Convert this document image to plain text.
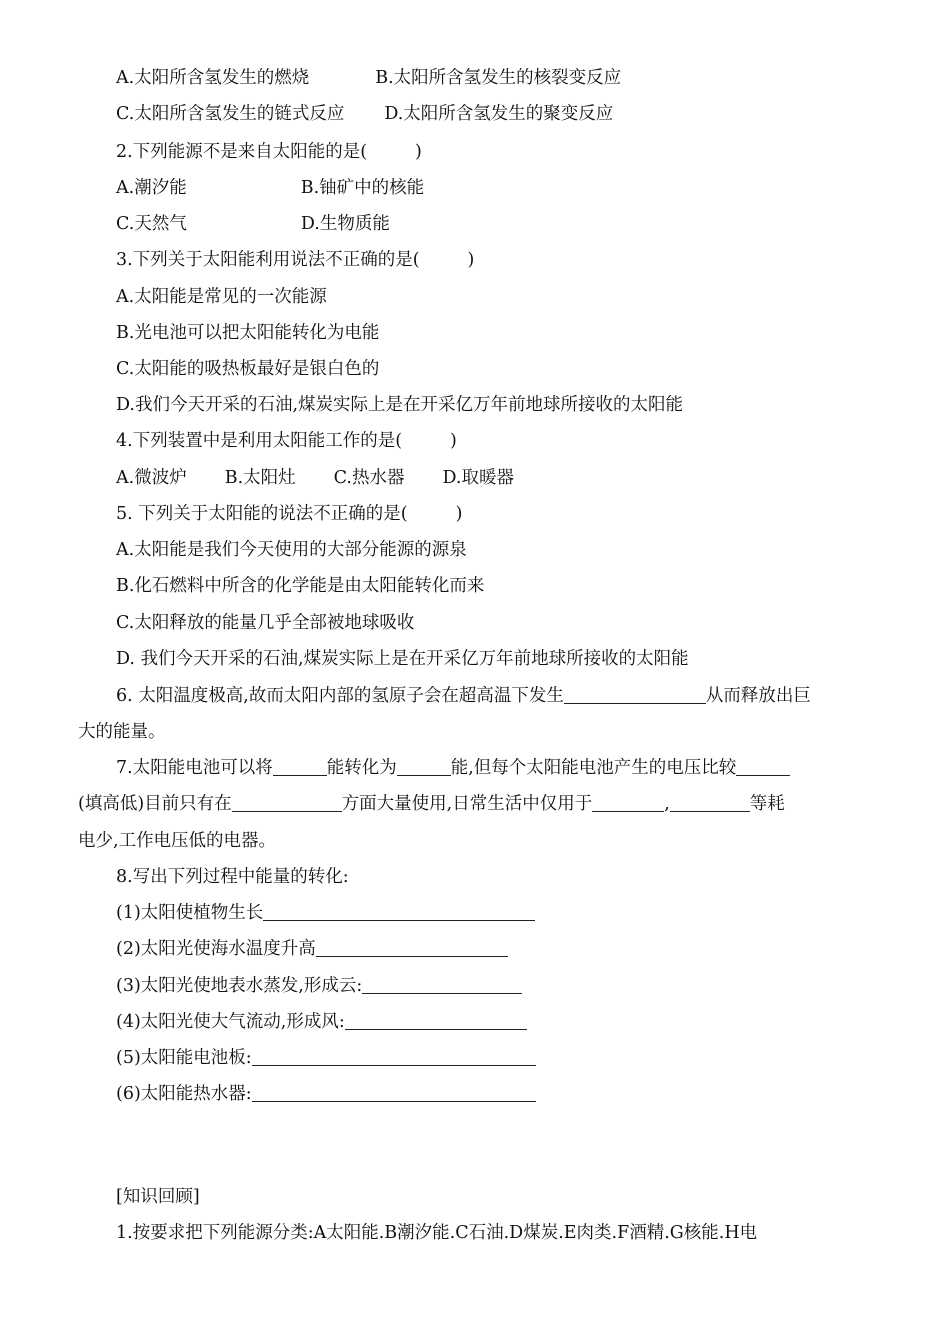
A.太阳所含氢发生的燃烧	B.太阳所含氢发生的核裂变反应
C.太阳所含氢发生的链式反应 D.太阳所含氢发生的聚变反应
2.下列能源不是来自太阳能的是(	)
A.潮汐能	B.铀矿中的核能
C.天然气	D.生物质能
3.下列关于太阳能利用说法不正确的是(	)
A.太阳能是常见的一次能源
B.光电池可以把太阳能转化为电能
C.太阳能的吸热板最好是银白色的
D.我们今天开采的石油,煤炭实际上是在开采亿万年前地球所接收的太阳能
4.下列装置中是利用太阳能工作的是(	)
A.微波炉 B.太阳灶 C.热水器 D.取暖器
5. 下列关于太阳能的说法不正确的是(	)
A.太阳能是我们今天使用的大部分能源的源泉
B.化石燃料中所含的化学能是由太阳能转化而来
C.太阳释放的能量几乎全部被地球吸收
D. 我们今天开采的石油,煤炭实际上是在开采亿万年前地球所接收的太阳能
6. 太阳温度极高,故而太阳内部的氢原子会在超高温下发生	从而释放出巨
大的能量。
7.太阳能电池可以将	能转化为	能,但每个太阳能电池产生的电压比较
(填高低)目前只有在	方面大量使用,日常生活中仅用于	,	等耗
电少,工作电压低的电器。
8.写出下列过程中能量的转化:
(1)太阳使植物生长
(2)太阳光使海水温度升高
(3)太阳光使地表水蒸发,形成云:
(4)太阳光使大气流动,形成风:
(5)太阳能电池板:
(6)太阳能热水器:
[知识回顾]
1.按要求把下列能源分类:A太阳能.B潮汐能.C石油.D煤炭.E肉类.F酒精.G核能.H电
